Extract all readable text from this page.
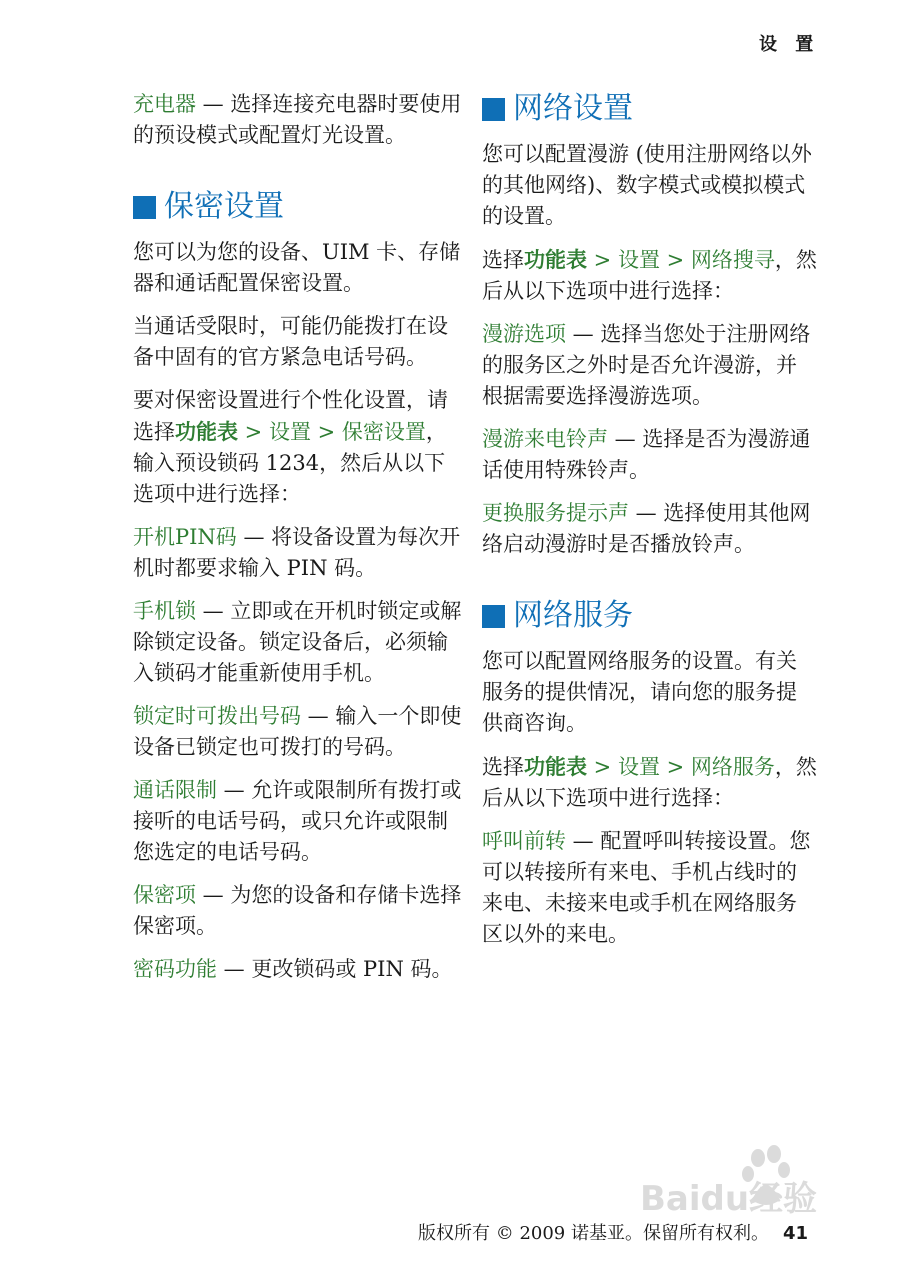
设 置

充电器 — 选择连接充电器时要使用的预设模式或配置灯光设置。

保密设置

您可以为您的设备、UIM 卡、存储器和通话配置保密设置。

当通话受限时，可能仍能拨打在设备中固有的官方紧急电话号码。

要对保密设置进行个性化设置，请选择功能表 > 设置 > 保密设置，输入预设锁码 1234，然后从以下选项中进行选择：

开机PIN码 — 将设备设置为每次开机时都要求输入 PIN 码。

手机锁 — 立即或在开机时锁定或解除锁定设备。锁定设备后，必须输入锁码才能重新使用手机。

锁定时可拨出号码 — 输入一个即使设备已锁定也可拨打的号码。

通话限制 — 允许或限制所有拨打或接听的电话号码，或只允许或限制您选定的电话号码。

保密项 — 为您的设备和存储卡选择保密项。

密码功能 — 更改锁码或 PIN 码。

网络设置

您可以配置漫游 (使用注册网络以外的其他网络)、数字模式或模拟模式的设置。

选择功能表 > 设置 > 网络搜寻，然后从以下选项中进行选择：

漫游选项 — 选择当您处于注册网络的服务区之外时是否允许漫游，并根据需要选择漫游选项。

漫游来电铃声 — 选择是否为漫游通话使用特殊铃声。

更换服务提示声 — 选择使用其他网络启动漫游时是否播放铃声。

网络服务

您可以配置网络服务的设置。有关服务的提供情况，请向您的服务提供商咨询。

选择功能表 > 设置 > 网络服务，然后从以下选项中进行选择：

呼叫前转 — 配置呼叫转接设置。您可以转接所有来电、手机占线时的来电、未接来电或手机在网络服务区以外的来电。

Baidu经验
版权所有 © 2009 诺基亚。保留所有权利。 41
